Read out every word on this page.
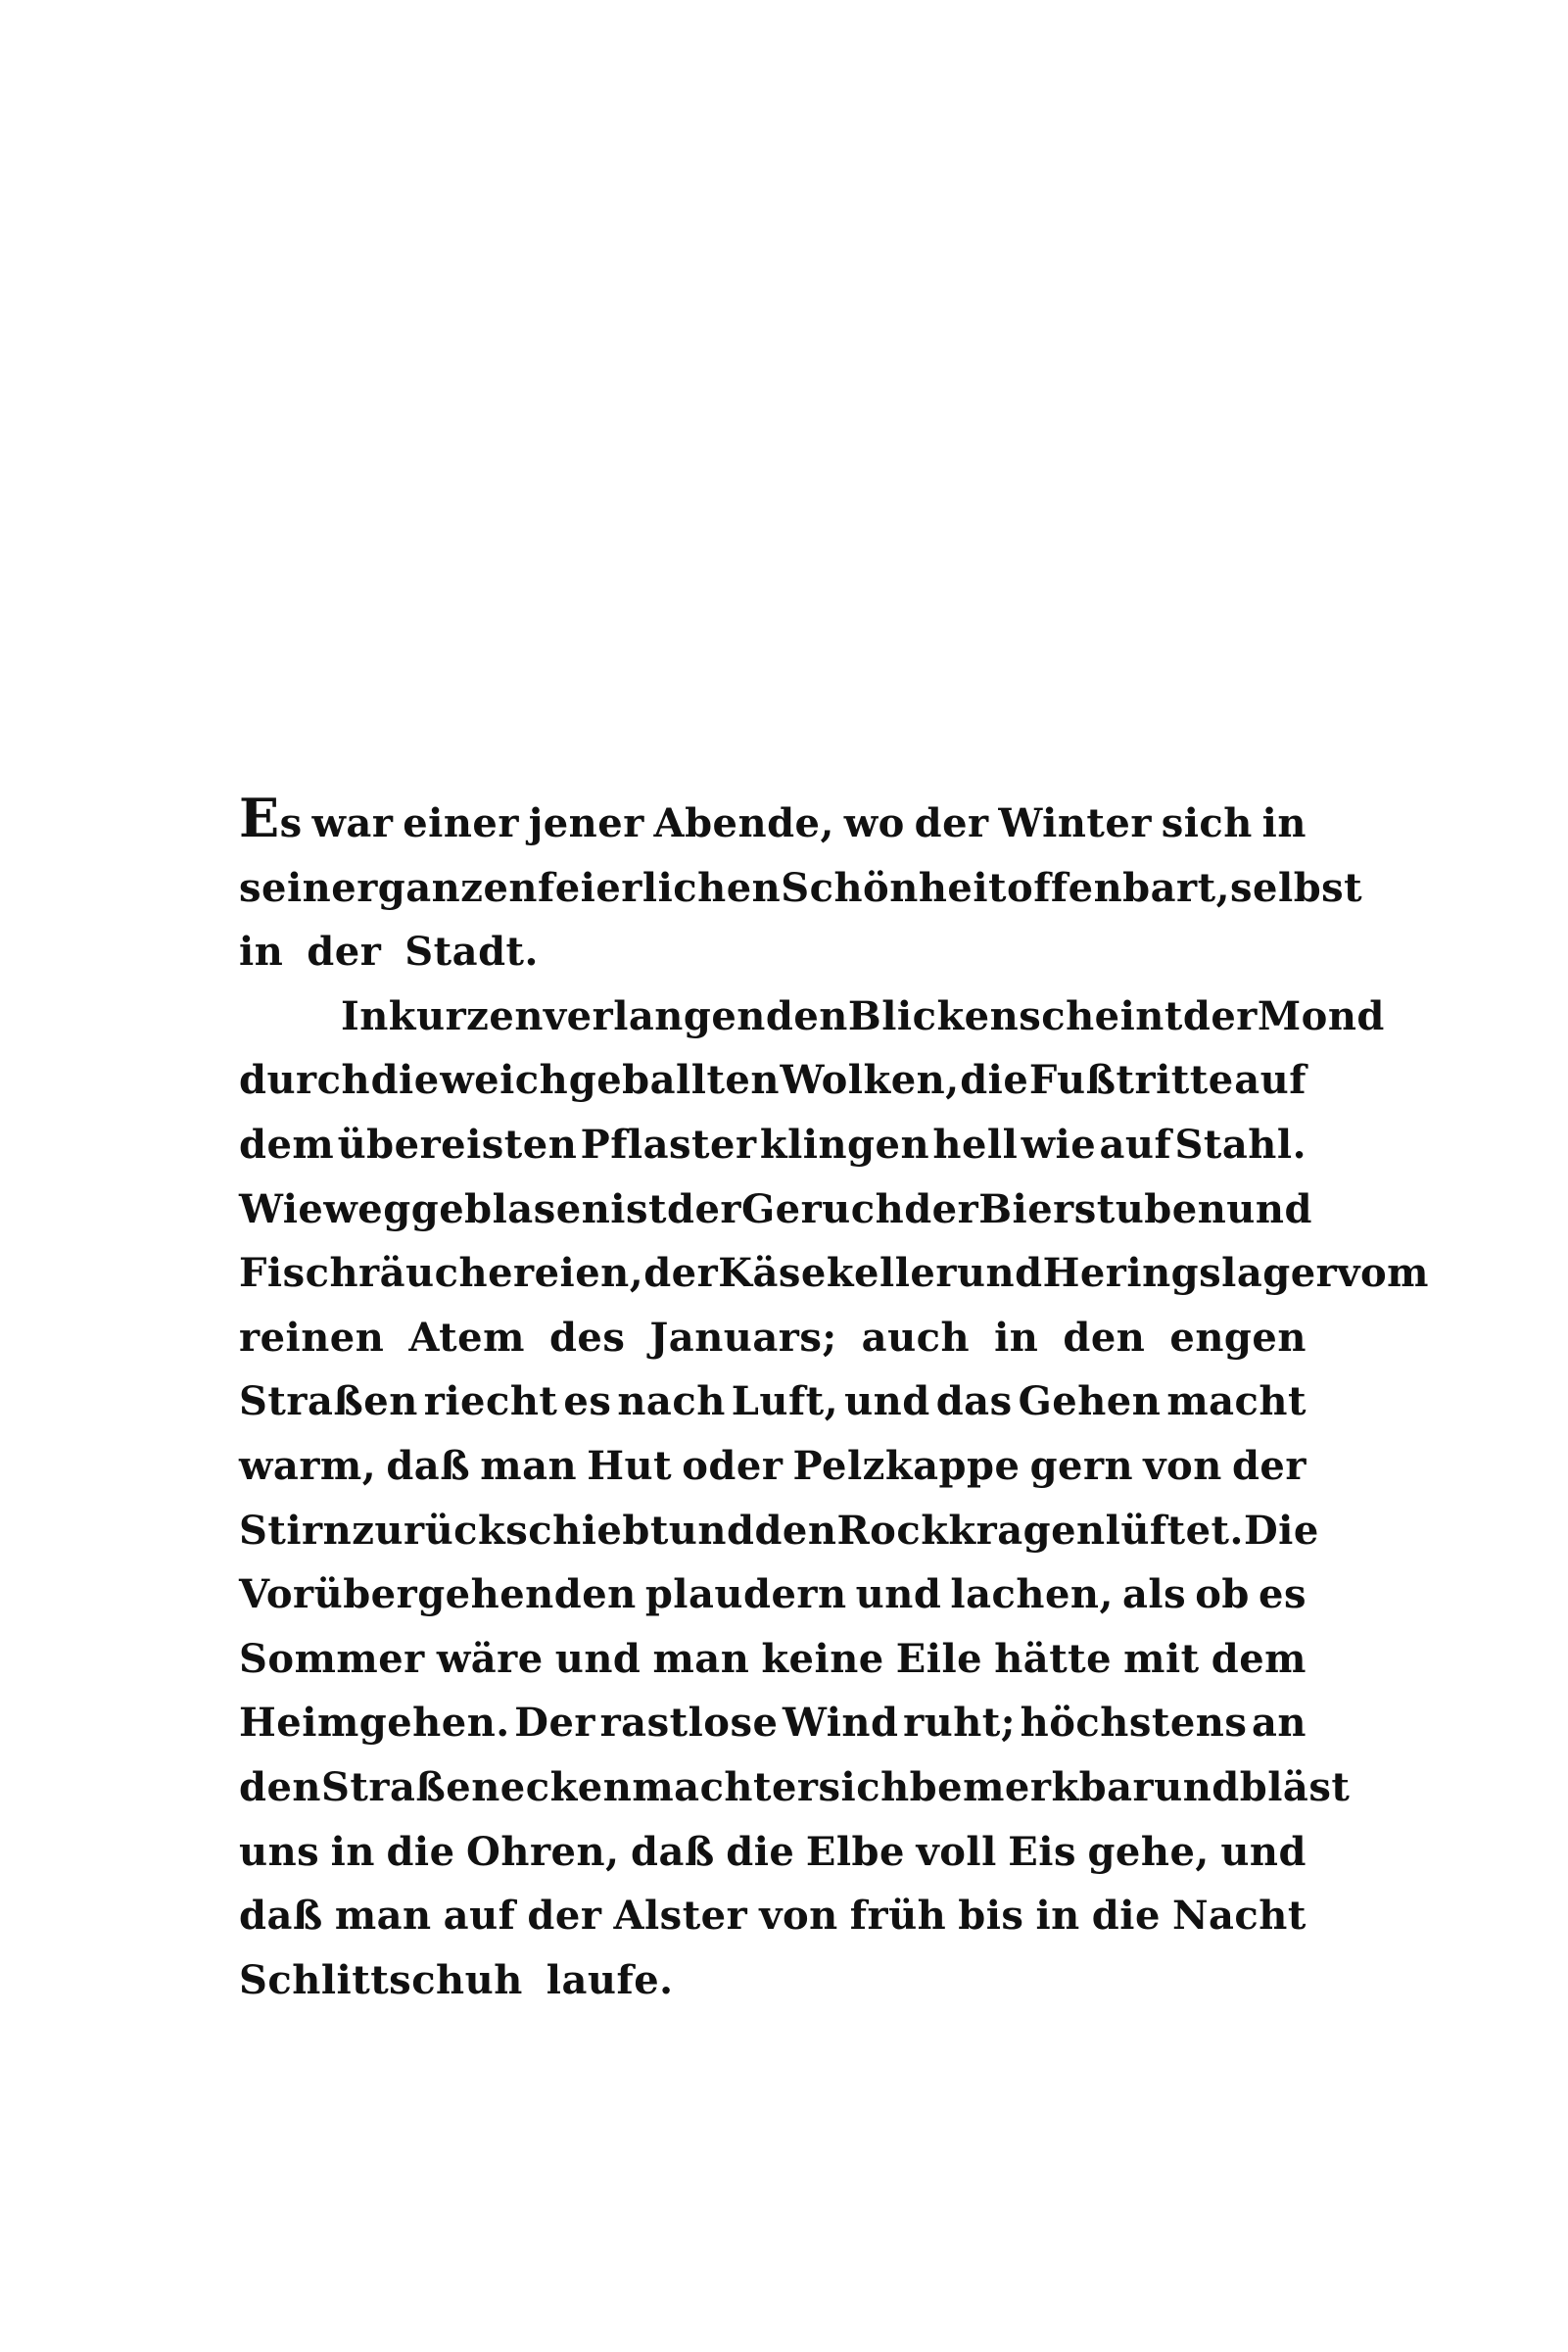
Es war einer jener Abende, wo der Winter sich in
seiner ganzen feierlichen Schönheit offenbart, selbst
in der Stadt.
In kurzen verlangenden Blicken scheint der Mond
durch die weich geballten Wolken, die Fußtritte auf
dem übereisten Pflaster klingen hell wie auf Stahl.
Wie weggeblasen ist der Geruch der Bierstuben und
Fischräuchereien, der Käsekeller und Heringslager vom
reinen Atem des Januars; auch in den engen
Straßen riecht es nach Luft, und das Gehen macht
warm, daß man Hut oder Pelzkappe gern von der
Stirn zurückschiebt und den Rockkragen lüftet. Die
Vorübergehenden plaudern und lachen, als ob es
Sommer wäre und man keine Eile hätte mit dem
Heimgehen. Der rastlose Wind ruht; höchstens an
den Straßenecken macht er sich bemerkbar und bläst
uns in die Ohren, daß die Elbe voll Eis gehe, und
daß man auf der Alster von früh bis in die Nacht
Schlittschuh laufe.
